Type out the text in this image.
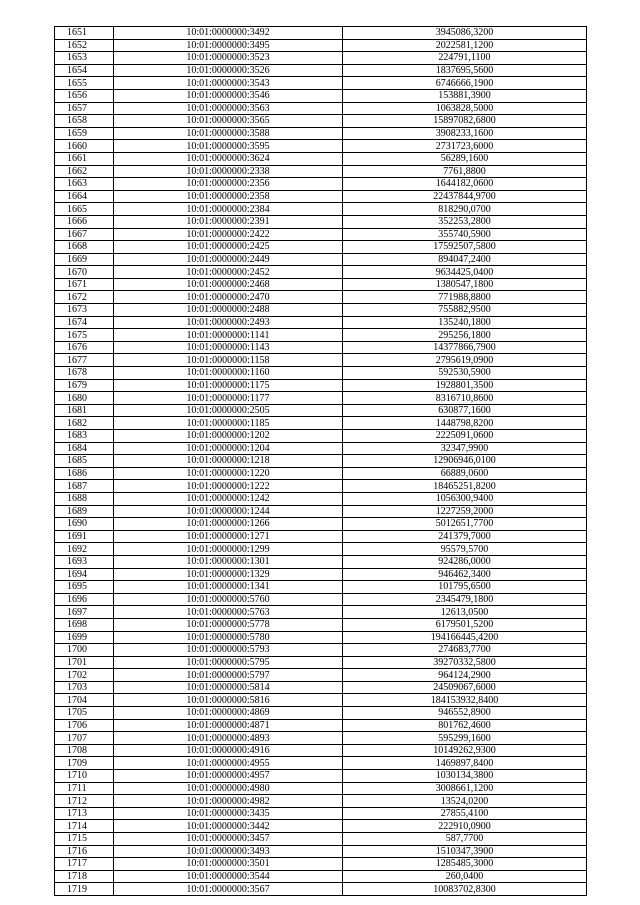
1651	10:01:0000000:3492	3945086,3200
1652	10:01:0000000:3495	2022581,1200
1653	10:01:0000000:3523	224791,1100
1654	10:01:0000000:3526	1837695,5600
1655	10:01:0000000:3543	6746666,1900
1656	10:01:0000000:3546	153881,3900
1657	10:01:0000000:3563	1063828,5000
1658	10:01:0000000:3565	15897082,6800
1659	10:01:0000000:3588	3908233,1600
1660	10:01:0000000:3595	2731723,6000
1661	10:01:0000000:3624	56289,1600
1662	10:01:0000000:2338	7761,8800
1663	10:01:0000000:2356	1644182,0600
1664	10:01:0000000:2358	22437844,9700
1665	10:01:0000000:2384	818290,0700
1666	10:01:0000000:2391	352253,2800
1667	10:01:0000000:2422	355740,5900
1668	10:01:0000000:2425	17592507,5800
1669	10:01:0000000:2449	894047,2400
1670	10:01:0000000:2452	9634425,0400
1671	10:01:0000000:2468	1380547,1800
1672	10:01:0000000:2470	771988,8800
1673	10:01:0000000:2488	755882,9500
1674	10:01:0000000:2493	135240,1800
1675	10:01:0000000:1141	295256,1800
1676	10:01:0000000:1143	14377866,7900
1677	10:01:0000000:1158	2795619,0900
1678	10:01:0000000:1160	592530,5900
1679	10:01:0000000:1175	1928801,3500
1680	10:01:0000000:1177	8316710,8600
1681	10:01:0000000:2505	630877,1600
1682	10:01:0000000:1185	1448798,8200
1683	10:01:0000000:1202	2225091,0600
1684	10:01:0000000:1204	32347,9900
1685	10:01:0000000:1218	12906946,0100
1686	10:01:0000000:1220	66889,0600
1687	10:01:0000000:1222	18465251,8200
1688	10:01:0000000:1242	1056300,9400
1689	10:01:0000000:1244	1227259,2000
1690	10:01:0000000:1266	5012651,7700
1691	10:01:0000000:1271	241379,7000
1692	10:01:0000000:1299	95579,5700
1693	10:01:0000000:1301	924286,0000
1694	10:01:0000000:1329	946462,3400
1695	10:01:0000000:1341	101795,6500
1696	10:01:0000000:5760	2345479,1800
1697	10:01:0000000:5763	12613,0500
1698	10:01:0000000:5778	6179501,5200
1699	10:01:0000000:5780	194166445,4200
1700	10:01:0000000:5793	274683,7700
1701	10:01:0000000:5795	39270332,5800
1702	10:01:0000000:5797	964124,2900
1703	10:01:0000000:5814	24509067,6000
1704	10:01:0000000:5816	184153932,8400
1705	10:01:0000000:4869	946552,8900
1706	10:01:0000000:4871	801762,4600
1707	10:01:0000000:4893	595299,1600
1708	10:01:0000000:4916	10149262,9300
1709	10:01:0000000:4955	1469897,8400
1710	10:01:0000000:4957	1030134,3800
1711	10:01:0000000:4980	3008661,1200
1712	10:01:0000000:4982	13524,0200
1713	10:01:0000000:3435	27855,4100
1714	10:01:0000000:3442	222910,0900
1715	10:01:0000000:3457	587,7700
1716	10:01:0000000:3493	1510347,3900
1717	10:01:0000000:3501	1285485,3000
1718	10:01:0000000:3544	260,0400
1719	10:01:0000000:3567	10083702,8300
